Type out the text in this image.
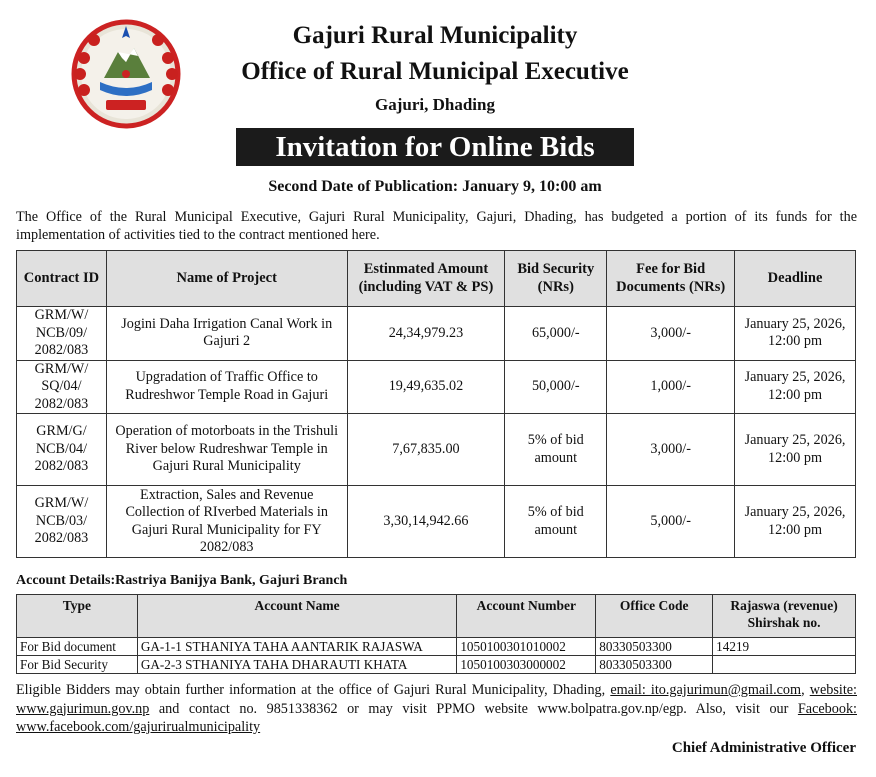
Gajuri Rural Municipality
Office of Rural Municipal Executive
Gajuri, Dhading
Invitation for Online Bids
Second Date of Publication: January 9, 10:00 am
The Office of the Rural Municipal Executive, Gajuri Rural Municipality, Gajuri, Dhading, has budgeted a portion of its funds for the implementation of activities tied to the contract mentioned here.
Contract ID	Name of Project	Estinmated Amount (including VAT & PS)	Bid Security (NRs)	Fee for Bid Documents (NRs)	Deadline
GRM/W/ NCB/09/ 2082/083	Jogini Daha Irrigation Canal Work in Gajuri 2	24,34,979.23	65,000/-	3,000/-	January 25, 2026, 12:00 pm
GRM/W/ SQ/04/ 2082/083	Upgradation of Traffic Office to Rudreshwor Temple Road in Gajuri	19,49,635.02	50,000/-	1,000/-	January 25, 2026, 12:00 pm
GRM/G/ NCB/04/ 2082/083	Operation of motorboats in the Trishuli River below Rudreshwar Temple in Gajuri Rural Municipality	7,67,835.00	5% of bid amount	3,000/-	January 25, 2026, 12:00 pm
GRM/W/ NCB/03/ 2082/083	Extraction, Sales and Revenue Collection of RIverbed Materials in Gajuri Rural Municipality for FY 2082/083	3,30,14,942.66	5% of bid amount	5,000/-	January 25, 2026, 12:00 pm
Account Details:Rastriya Banijya Bank, Gajuri Branch
Type	Account Name	Account Number	Office Code	Rajaswa (revenue) Shirshak no.
For Bid document	GA-1-1 STHANIYA TAHA AANTARIK RAJASWA	1050100301010002	80330503300	14219
For Bid Security	GA-2-3 STHANIYA TAHA DHARAUTI KHATA	1050100303000002	80330503300	
Eligible Bidders may obtain further information at the office of Gajuri Rural Municipality, Dhading, email: ito.gajurimun@gmail.com, website: www.gajurimun.gov.np and contact no. 9851338362 or may visit PPMO website www.bolpatra.gov.np/egp. Also, visit our Facebook: www.facebook.com/gajurirualmunicipality
Chief Administrative Officer
